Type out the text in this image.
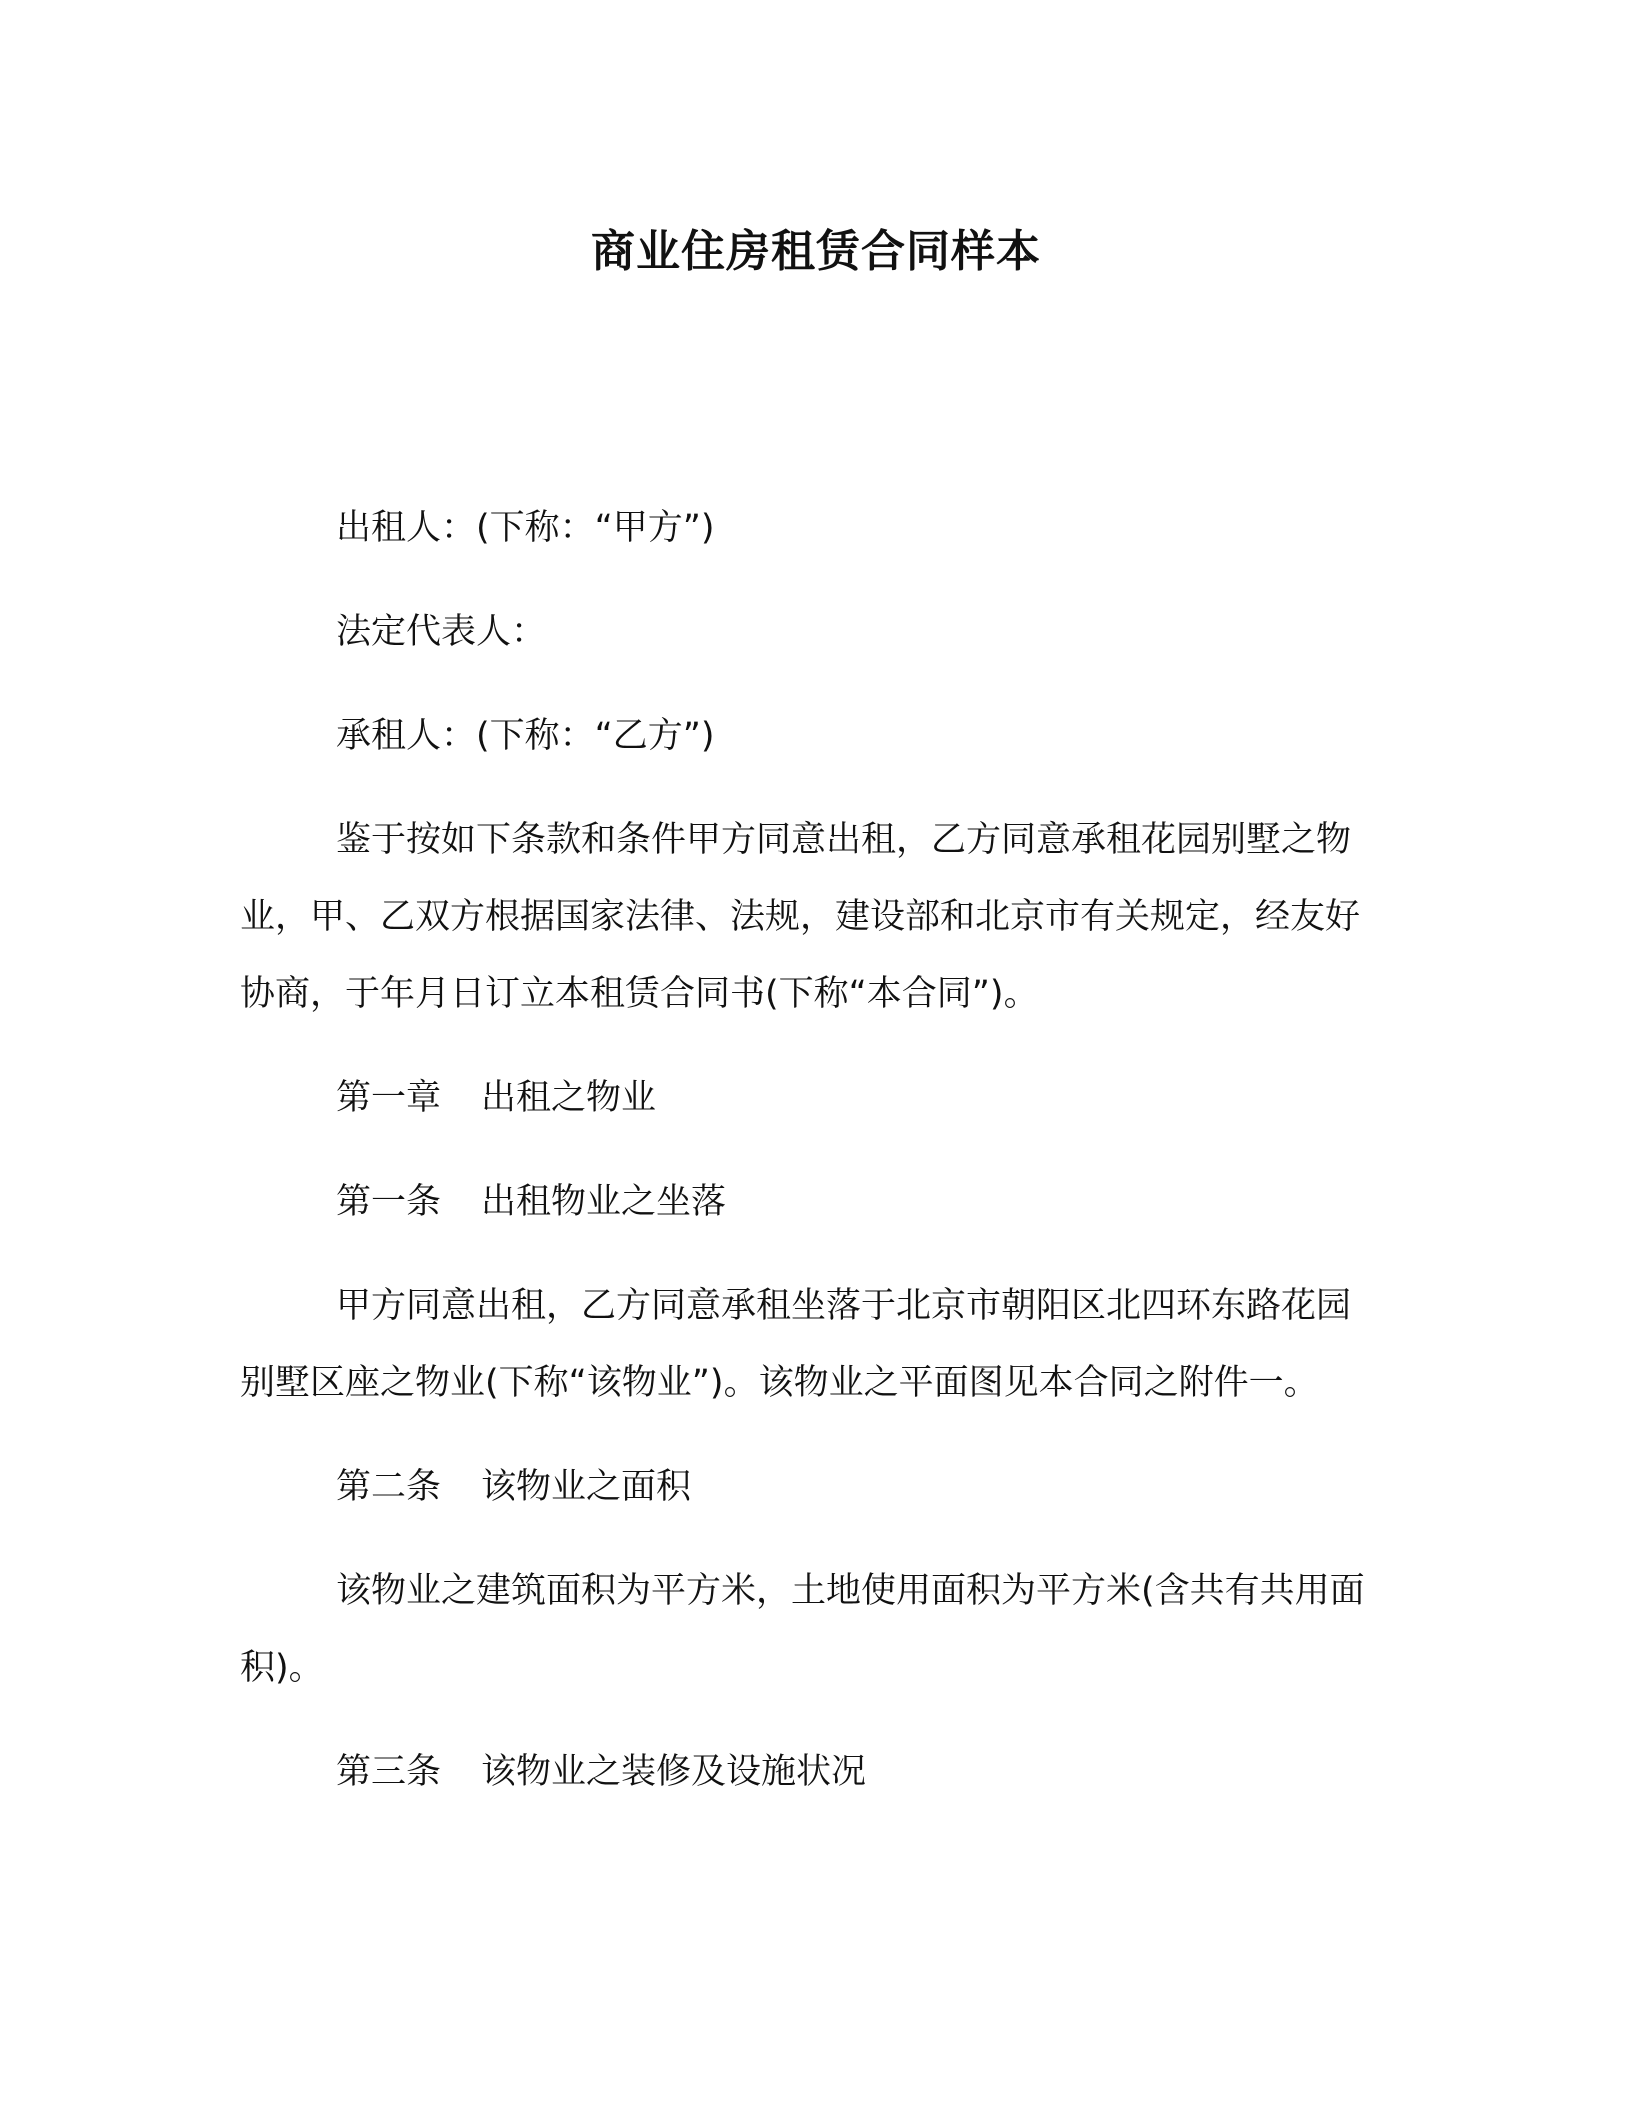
商业住房租赁合同样本

出租人：(下称：“甲方”)

法定代表人：

承租人：(下称：“乙方”)

鉴于按如下条款和条件甲方同意出租，乙方同意承租花园别墅之物业，甲、乙双方根据国家法律、法规，建设部和北京市有关规定，经友好协商，于年月日订立本租赁合同书(下称“本合同”)。

第一章 出租之物业

第一条 出租物业之坐落

甲方同意出租，乙方同意承租坐落于北京市朝阳区北四环东路花园别墅区座之物业(下称“该物业”)。该物业之平面图见本合同之附件一。

第二条 该物业之面积

该物业之建筑面积为平方米，土地使用面积为平方米(含共有共用面积)。

第三条 该物业之装修及设施状况
